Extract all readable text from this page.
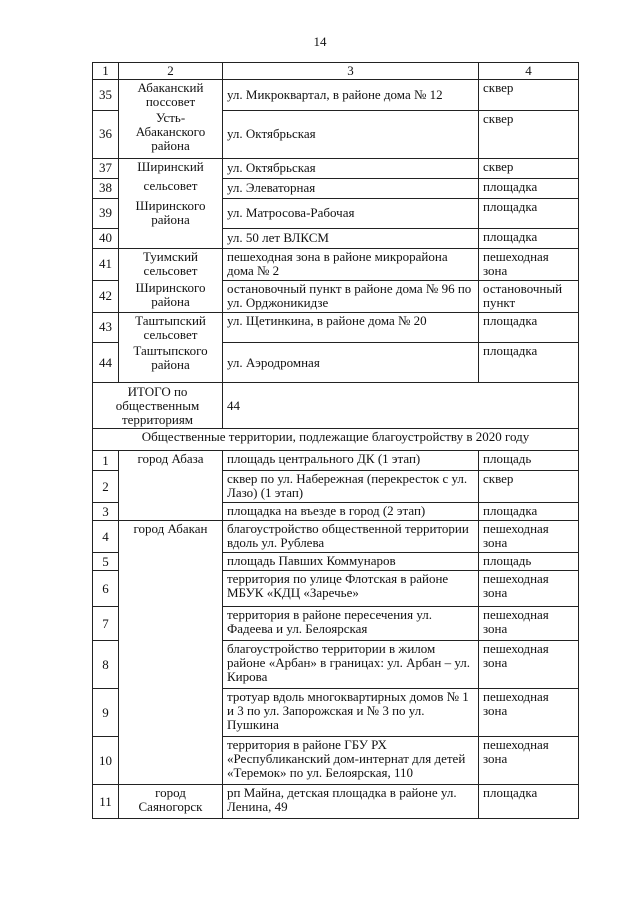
14
1	2	3	4
35	Абаканский поссовет	ул. Микроквартал, в районе дома № 12	сквер
36	Усть-Абаканского района	ул. Октябрьская	сквер
37	Ширинский	ул. Октябрьская	сквер
38	сельсовет	ул. Элеваторная	площадка
39	Ширинского района	ул. Матросова-Рабочая	площадка
40		ул. 50 лет ВЛКСМ	площадка
41	Туимский сельсовет	пешеходная зона в районе микрорайона дома № 2	пешеходная зона
42	Ширинского района	остановочный пункт в районе дома № 96 по ул. Орджоникидзе	остановочный пункт
43	Таштыпский сельсовет	ул. Щетинкина, в районе дома № 20	площадка
44	Таштыпского района	ул. Аэродромная	площадка
ИТОГО по общественным территориям		44	
Общественные территории, подлежащие благоустройству в 2020 году			
1	город Абаза	площадь центрального ДК (1 этап)	площадь
2		сквер по ул. Набережная (перекресток с ул. Лазо) (1 этап)	сквер
3		площадка на въезде в город (2 этап)	площадка
4	город Абакан	благоустройство общественной территории вдоль ул. Рублева	пешеходная зона
5		площадь Павших Коммунаров	площадь
6		территория по улице Флотская в районе МБУК «КДЦ «Заречье»	пешеходная зона
7		территория в районе пересечения ул. Фадеева и ул. Белоярская	пешеходная зона
8		благоустройство территории в жилом районе «Арбан» в границах: ул. Арбан – ул. Кирова	пешеходная зона
9		тротуар вдоль многоквартирных домов № 1 и 3 по ул. Запорожская и № 3 по ул. Пушкина	пешеходная зона
10		территория в районе ГБУ РХ «Республиканский дом-интернат для детей «Теремок» по ул. Белоярская, 110	пешеходная зона
11	город Саяногорск	рп Майна, детская площадка в районе ул. Ленина, 49	площадка
